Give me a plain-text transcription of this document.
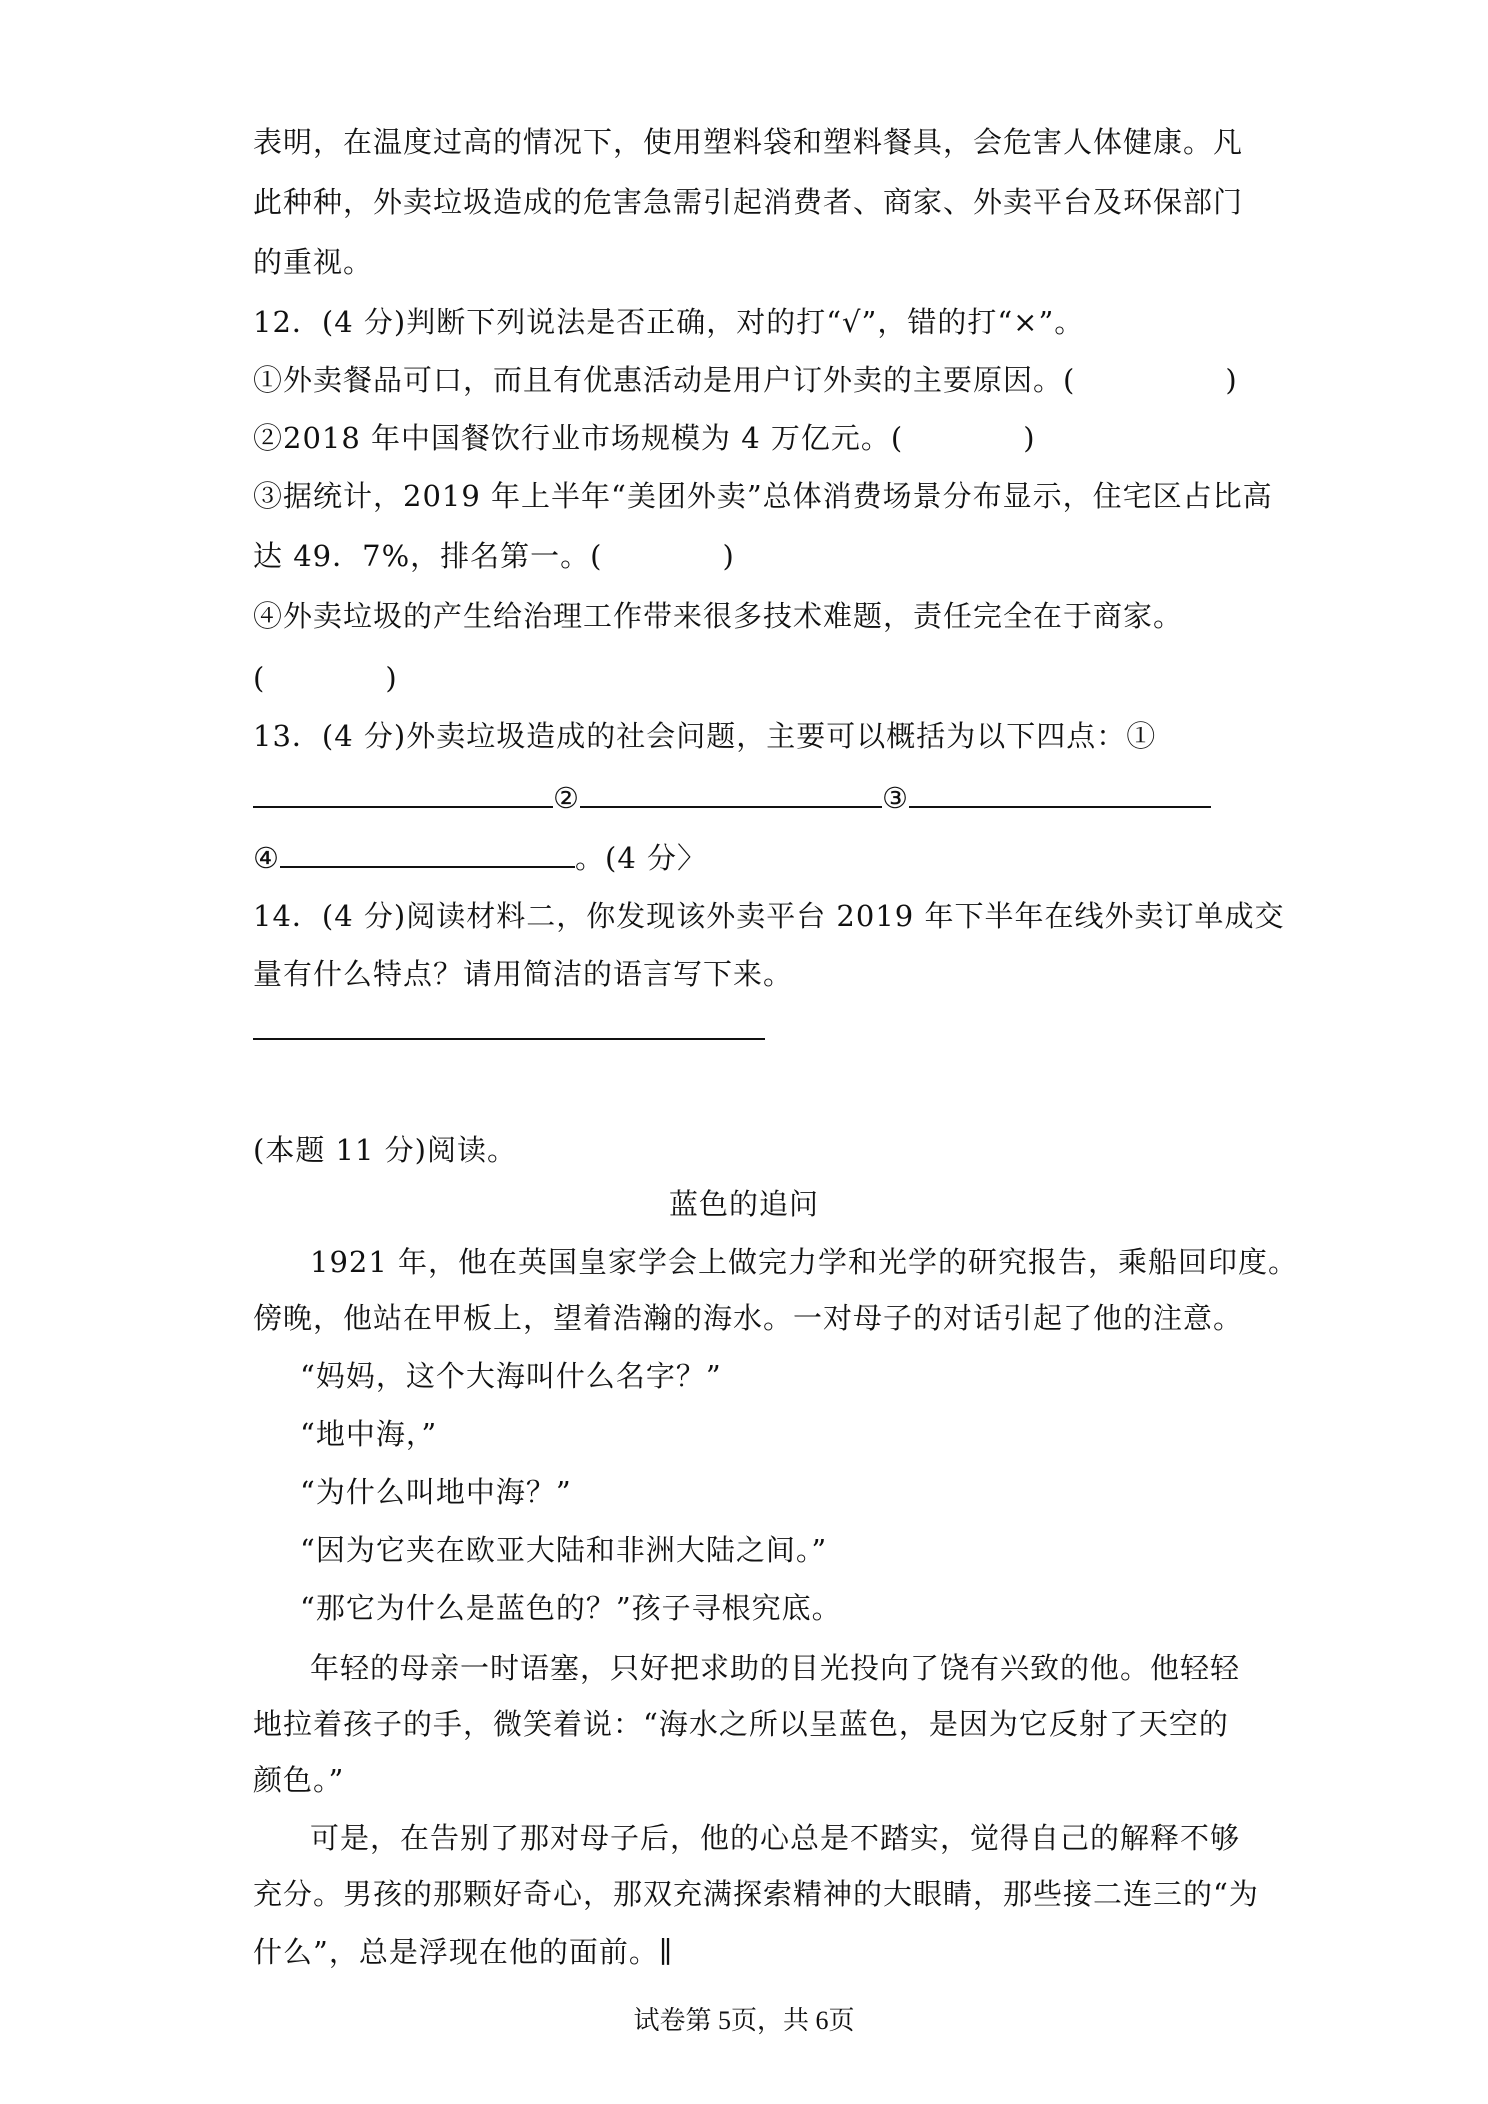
表明，在温度过高的情况下，使用塑料袋和塑料餐具，会危害人体健康。凡
此种种，外卖垃圾造成的危害急需引起消费者、商家、外卖平台及环保部门
的重视。
12．(4 分)判断下列说法是否正确，对的打“√”，错的打“×”。
①外卖餐品可口，而且有优惠活动是用户订外卖的主要原因。(	)
②2018 年中国餐饮行业市场规模为 4 万亿元。(	)
③据统计，2019 年上半年“美团外卖”总体消费场景分布显示，住宅区占比高
达 49．7%，排名第一。(	)
④外卖垃圾的产生给治理工作带来很多技术难题，责任完全在于商家。
(	)
13．(4 分)外卖垃圾造成的社会问题，主要可以概括为以下四点：①
②	③
④	。(4 分〉
14．(4 分)阅读材料二，你发现该外卖平台 2019 年下半年在线外卖订单成交
量有什么特点？请用简洁的语言写下来。
(本题 11 分)阅读。
蓝色的追问
1921 年，他在英国皇家学会上做完力学和光学的研究报告，乘船回印度。
傍晚，他站在甲板上，望着浩瀚的海水。一对母子的对话引起了他的注意。
“妈妈，这个大海叫什么名字？”
“地中海，”
“为什么叫地中海？”
“因为它夹在欧亚大陆和非洲大陆之间。”
“那它为什么是蓝色的？”孩子寻根究底。
年轻的母亲一时语塞，只好把求助的目光投向了饶有兴致的他。他轻轻
地拉着孩子的手，微笑着说：“海水之所以呈蓝色，是因为它反射了天空的
颜色。”
可是，在告别了那对母子后，他的心总是不踏实，觉得自己的解释不够
充分。男孩的那颗好奇心，那双充满探索精神的大眼睛，那些接二连三的“为
什么”，总是浮现在他的面前。∥
试卷第 5页，共 6页
